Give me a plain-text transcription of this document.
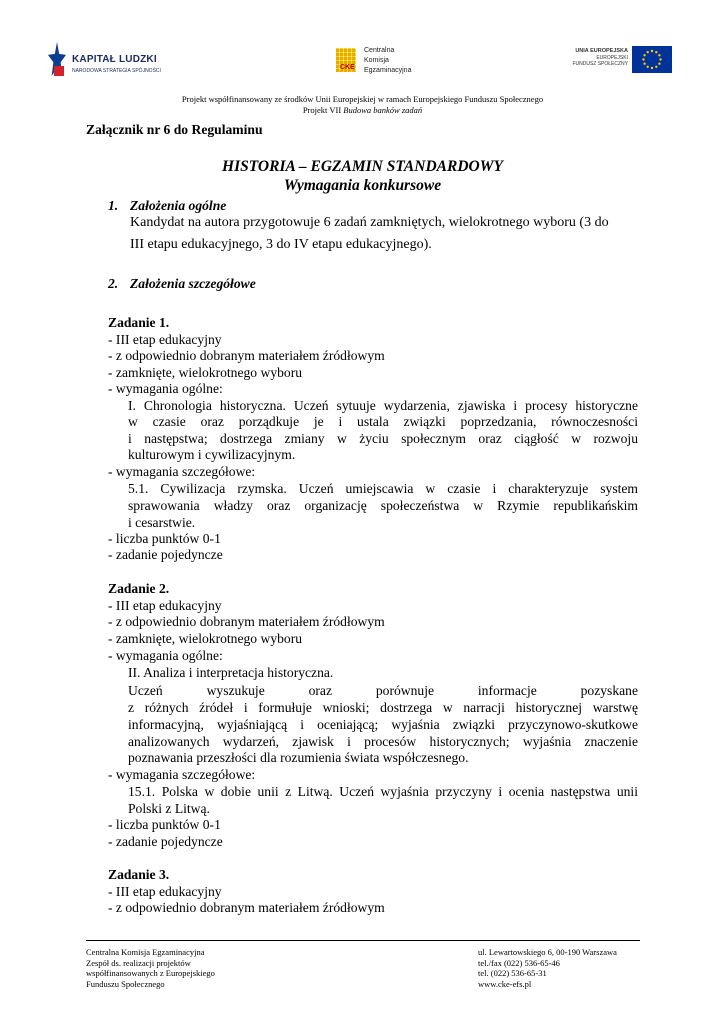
KAPITAŁ LUDZKI
NARODOWA STRATEGIA SPÓJNOŚCI	CKE
Centralna
Komisja
Egzaminacyjna
UNIA EUROPEJSKA
EUROPEJSKI
FUNDUSZ SPOŁECZNY
Projekt współfinansowany ze środków Unii Europejskiej w ramach Europejskiego Funduszu Społecznego
Projekt VII Budowa banków zadań
Załącznik nr 6 do Regulaminu
HISTORIA – EGZAMIN STANDARDOWY
Wymagania konkursowe
1. Założenia ogólne
Kandydat na autora przygotowuje 6 zadań zamkniętych, wielokrotnego wyboru (3 do
III etapu edukacyjnego, 3 do IV etapu edukacyjnego).
2. Założenia szczegółowe
Zadanie 1.
- III etap edukacyjny
- z odpowiednio dobranym materiałem źródłowym
- zamknięte, wielokrotnego wyboru
- wymagania ogólne:
I. Chronologia historyczna. Uczeń sytuuje wydarzenia, zjawiska i procesy historyczne
w czasie oraz porządkuje je i ustala związki poprzedzania, równoczesności
i następstwa; dostrzega zmiany w życiu społecznym oraz ciągłość w rozwoju
kulturowym i cywilizacyjnym.
- wymagania szczegółowe:
5.1. Cywilizacja rzymska. Uczeń umiejscawia w czasie i charakteryzuje system
sprawowania władzy oraz organizację społeczeństwa w Rzymie republikańskim
i cesarstwie.
- liczba punktów 0-1
- zadanie pojedyncze
Zadanie 2.
- III etap edukacyjny
- z odpowiednio dobranym materiałem źródłowym
- zamknięte, wielokrotnego wyboru
- wymagania ogólne:
II. Analiza i interpretacja historyczna.
Uczeń wyszukuje oraz porównuje informacje pozyskane
z różnych źródeł i formułuje wnioski; dostrzega w narracji historycznej warstwę
informacyjną, wyjaśniającą i oceniającą; wyjaśnia związki przyczynowo-skutkowe
analizowanych wydarzeń, zjawisk i procesów historycznych; wyjaśnia znaczenie
poznawania przeszłości dla rozumienia świata współczesnego.
- wymagania szczegółowe:
15.1. Polska w dobie unii z Litwą. Uczeń wyjaśnia przyczyny i ocenia następstwa unii
Polski z Litwą.
- liczba punktów 0-1
- zadanie pojedyncze
Zadanie 3.
- III etap edukacyjny
- z odpowiednio dobranym materiałem źródłowym
Centralna Komisja Egzaminacyjna
Zespół ds. realizacji projektów
współfinansowanych z Europejskiego
Funduszu Społecznego
ul. Lewartowskiego 6, 00-190 Warszawa
tel./fax (022) 536-65-46
tel. (022) 536-65-31
www.cke-efs.pl
